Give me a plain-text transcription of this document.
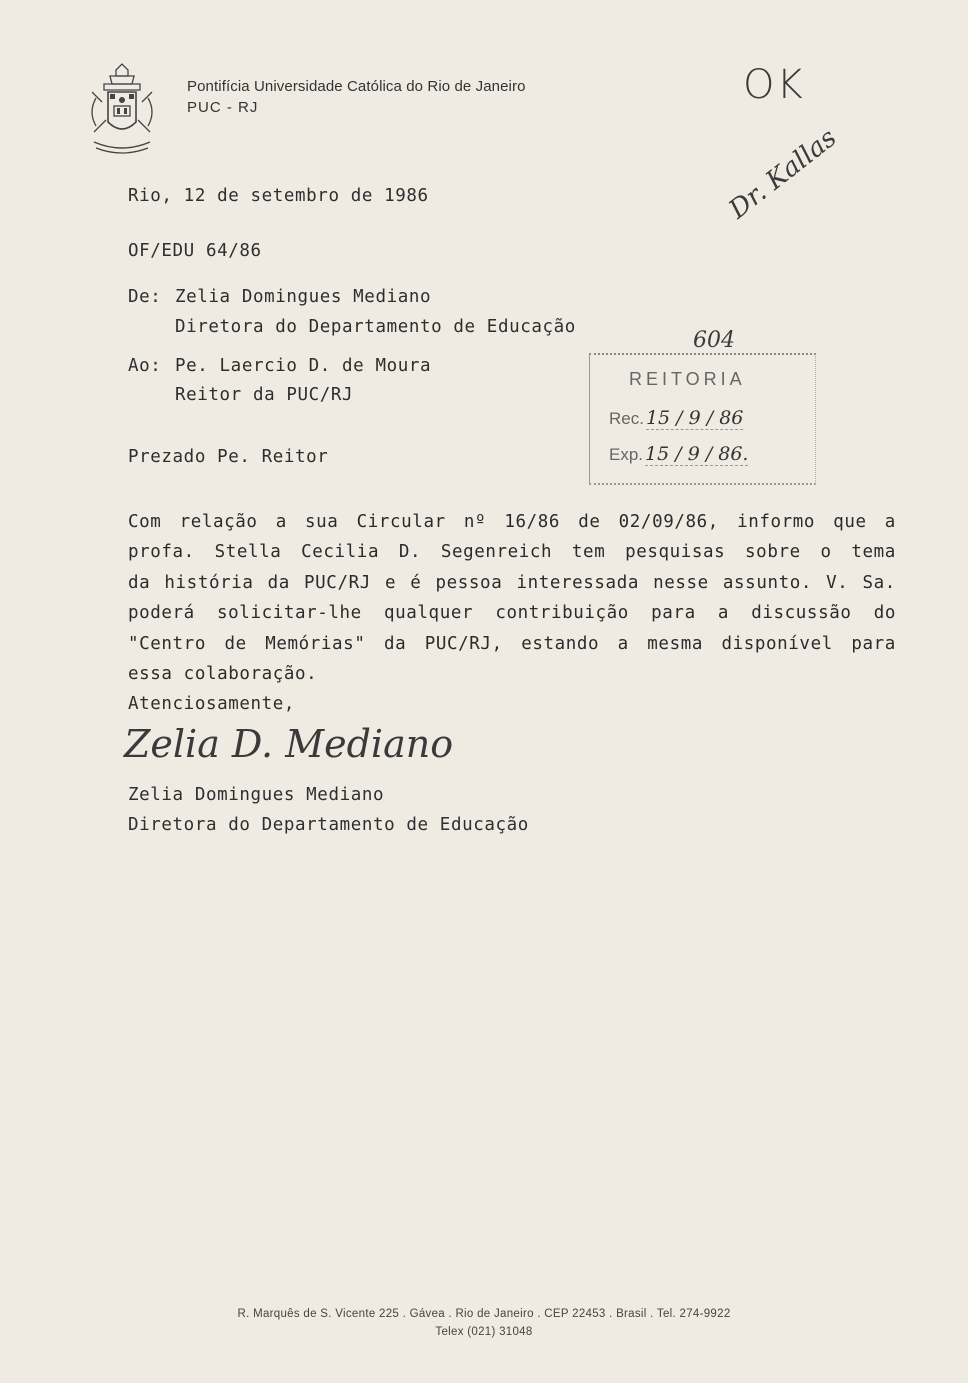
Pontifícia Universidade Católica do Rio de Janeiro
PUC - RJ	OK
Dr. Kallas
604
Rio, 12 de setembro de 1986
OF/EDU 64/86
De: Zelia Domingues Mediano
Diretora do Departamento de Educação
Ao: Pe. Laercio D. de Moura
Reitor da PUC/RJ
Prezado Pe. Reitor
REITORIA
Rec. 15 / 9 / 86
Exp. 15 / 9 / 86.
Com relação a sua Circular nº 16/86 de 02/09/86, informo que a
profa. Stella Cecilia D. Segenreich tem pesquisas sobre o tema
da história da PUC/RJ e é pessoa interessada nesse assunto. V. Sa.
poderá solicitar-lhe qualquer contribuição para a discussão do
"Centro de Memórias" da PUC/RJ, estando a mesma disponível para
essa colaboração.
Atenciosamente,
Zelia D. Mediano
Zelia Domingues Mediano
Diretora do Departamento de Educação
R. Marquês de S. Vicente 225 . Gávea . Rio de Janeiro . CEP 22453 . Brasil . Tel. 274-9922
Telex (021) 31048
